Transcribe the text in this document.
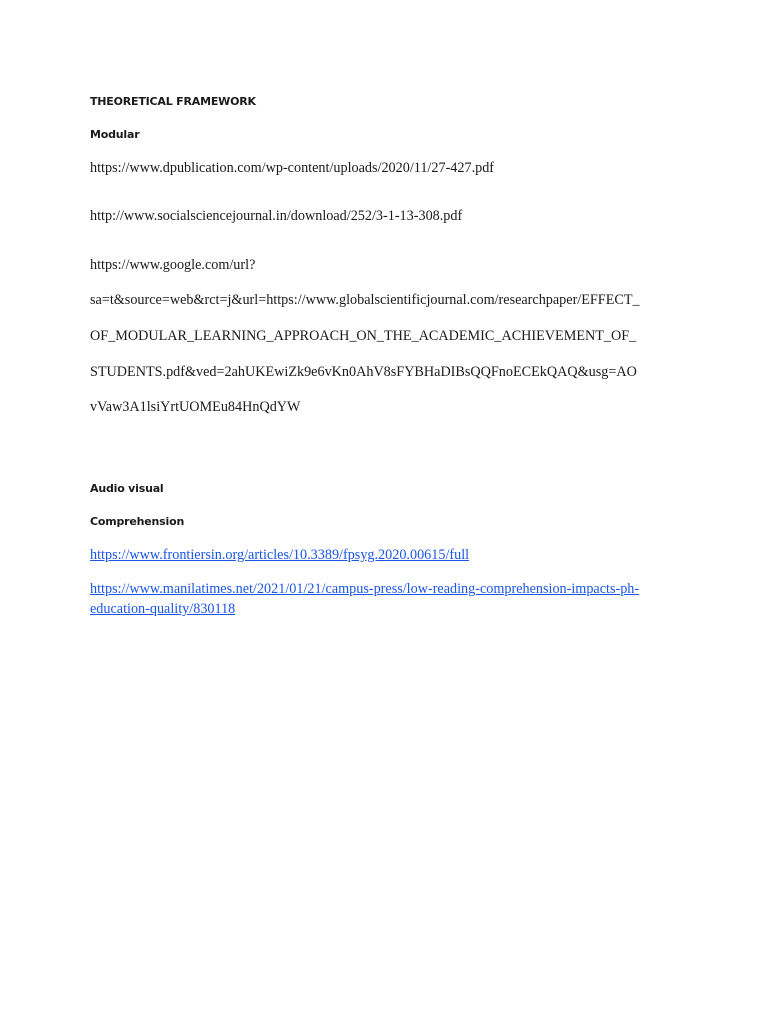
THEORETICAL FRAMEWORK
Modular
https://www.dpublication.com/wp-content/uploads/2020/11/27-427.pdf
http://www.socialsciencejournal.in/download/252/3-1-13-308.pdf
https://www.google.com/url?
sa=t&source=web&rct=j&url=https://www.globalscientificjournal.com/researchpaper/EFFECT_
OF_MODULAR_LEARNING_APPROACH_ON_THE_ACADEMIC_ACHIEVEMENT_OF_
STUDENTS.pdf&ved=2ahUKEwiZk9e6vKn0AhV8sFYBHaDIBsQQFnoECEkQAQ&usg=AO
vVaw3A1lsiYrtUOMEu84HnQdYW
Audio visual
Comprehension
https://www.frontiersin.org/articles/10.3389/fpsyg.2020.00615/full
https://www.manilatimes.net/2021/01/21/campus-press/low-reading-comprehension-impacts-ph-
education-quality/830118
